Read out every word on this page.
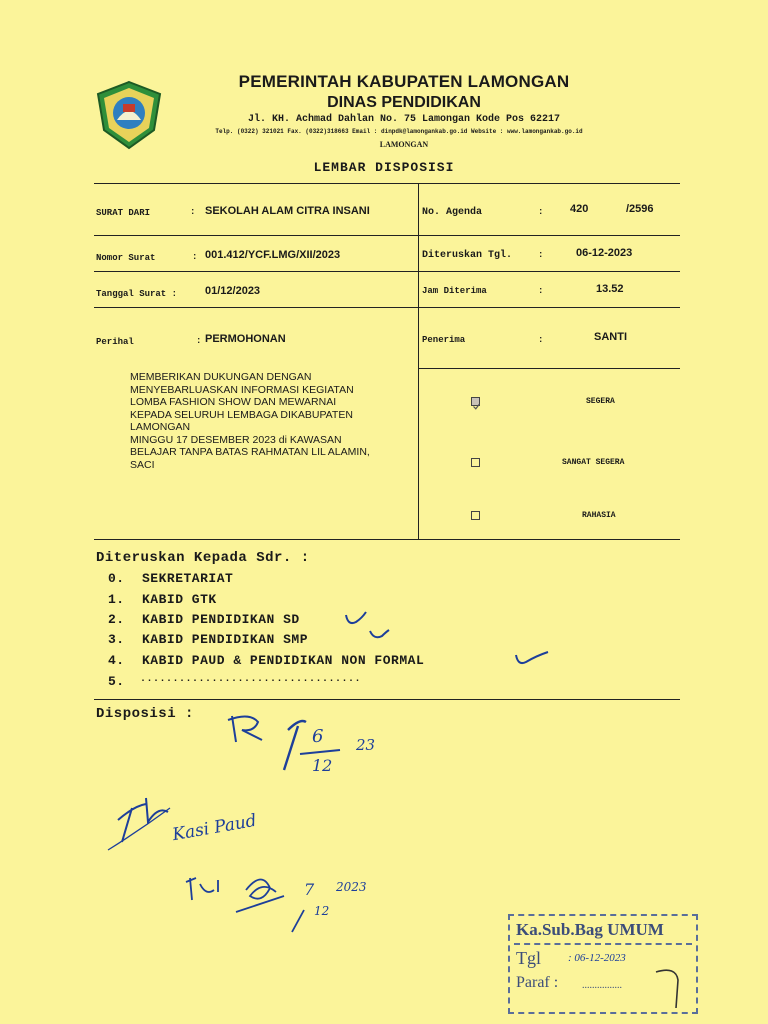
PEMERINTAH KABUPATEN LAMONGAN
DINAS PENDIDIKAN
Jl. KH. Achmad Dahlan No. 75 Lamongan Kode Pos 62217
Telp. (0322) 321021 Fax. (0322)318663 Email : dinpdk@lamongankab.go.id Website : www.lamongankab.go.id
LAMONGAN
LEMBAR DISPOSISI
SURAT DARI	: SEKOLAH ALAM CITRA INSANI	No. Agenda	: 420	/2596
Nomor Surat	: 001.412/YCF.LMG/XII/2023	Diteruskan Tgl.	:	06-12-2023
Tanggal Surat :	01/12/2023	Jam Diterima	:	13.52
Perihal	: PERMOHONAN	Penerima	:	SANTI
MEMBERIKAN DUKUNGAN DENGAN
MENYEBARLUASKAN INFORMASI KEGIATAN
LOMBA FASHION SHOW DAN MEWARNAI
KEPADA SELURUH LEMBAGA DIKABUPATEN
LAMONGAN
MINGGU 17 DESEMBER 2023 di KAWASAN
BELAJAR TANPA BATAS RAHMATAN LIL ALAMIN,
SACI
SEGERA
SANGAT SEGERA
RAHASIA
Diteruskan Kepada Sdr. :
0. SEKRETARIAT
1. KABID GTK
2. KABID PENDIDIKAN SD
3. KABID PENDIDIKAN SMP
4. KABID PAUD & PENDIDIKAN NON FORMAL
5. ..................................
Disposisi :
6
12
23
Kasi Paud
7
12
2023
Ka.Sub.Bag UMUM
Tgl : 06-12-2023
Paraf : ................
